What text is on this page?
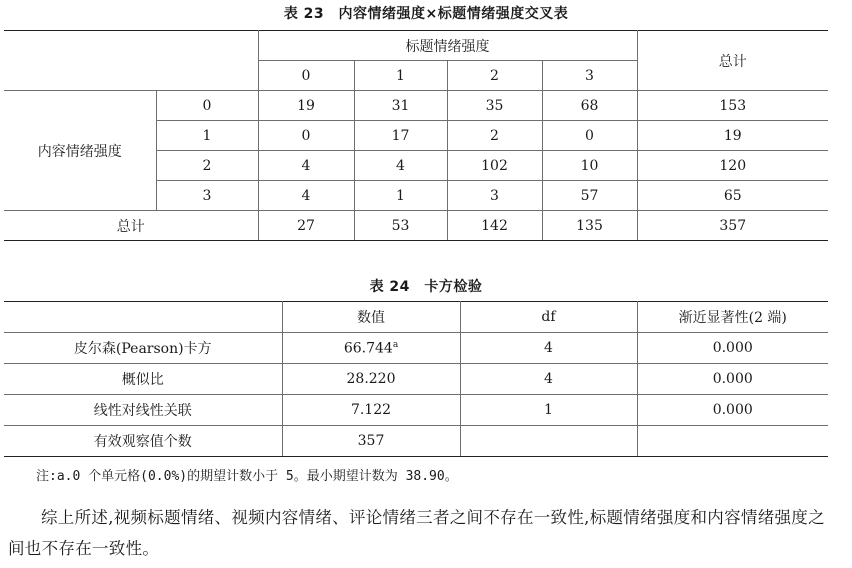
表 23　内容情绪强度×标题情绪强度交叉表
		标题情绪强度				总计
		0	1	2	3	
内容情绪强度	0	19	31	35	68	153
	1	0	17	2	0	19
	2	4	4	102	10	120
	3	4	1	3	57	65
总计		27	53	142	135	357
表 24　卡方检验
	数值	df	渐近显著性(2 端)
皮尔森(Pearson)卡方	66.744$^a$	4	0.000
概似比	28.220	4	0.000
线性对线性关联	7.122	1	0.000
有效观察值个数	357		
注:a.0 个单元格(0.0%)的期望计数小于 5。最小期望计数为 38.90。
综上所述,视频标题情绪、视频内容情绪、评论情绪三者之间不存在一致性,标题情绪强度和内容情绪强度之间也不存在一致性。
